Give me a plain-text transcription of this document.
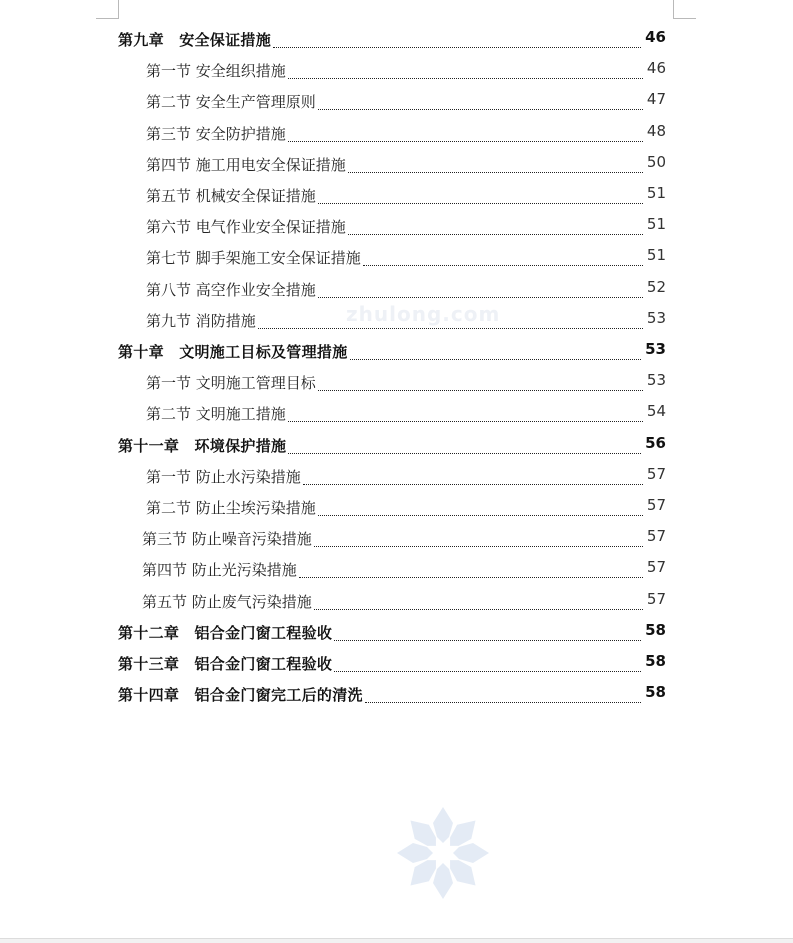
zhulong.com
第九章　安全保证措施	46
第一节 安全组织措施	46
第二节 安全生产管理原则	47
第三节 安全防护措施	48
第四节 施工用电安全保证措施	50
第五节 机械安全保证措施	51
第六节 电气作业安全保证措施	51
第七节 脚手架施工安全保证措施	51
第八节 高空作业安全措施	52
第九节 消防措施	53
第十章　文明施工目标及管理措施	53
第一节 文明施工管理目标	53
第二节 文明施工措施	54
第十一章　环境保护措施	56
第一节 防止水污染措施	57
第二节 防止尘埃污染措施	57
第三节 防止噪音污染措施	57
第四节 防止光污染措施	57
第五节 防止废气污染措施	57
第十二章　铝合金门窗工程验收	58
第十三章　铝合金门窗工程验收	58
第十四章　铝合金门窗完工后的清洗	58
